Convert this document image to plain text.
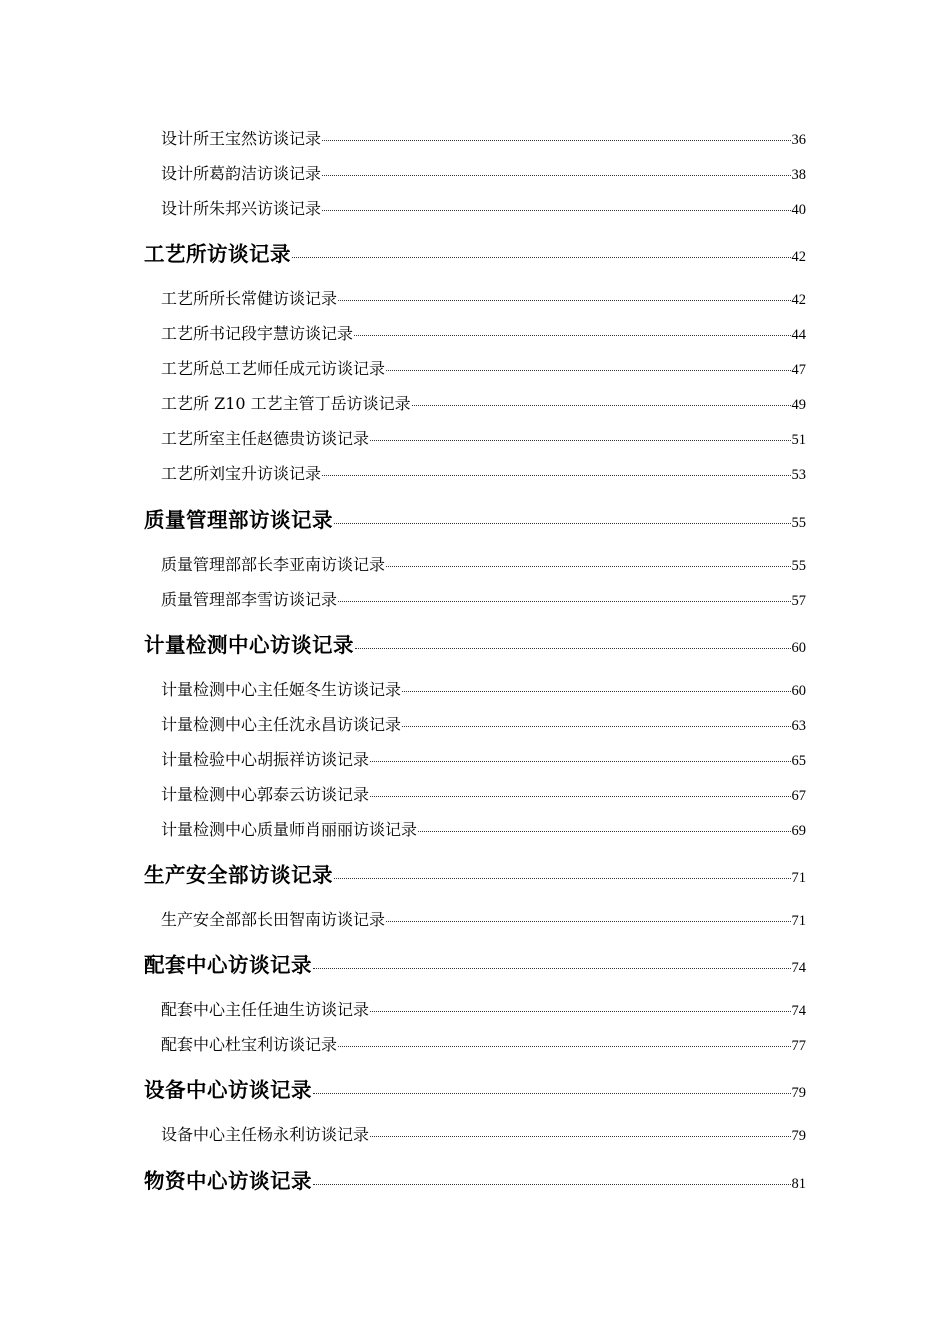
设计所王宝然访谈记录	36
设计所葛韵洁访谈记录	38
设计所朱邦兴访谈记录	40
工艺所访谈记录	42
工艺所所长常健访谈记录	42
工艺所书记段宇慧访谈记录	44
工艺所总工艺师任成元访谈记录	47
工艺所 Z10 工艺主管丁岳访谈记录	49
工艺所室主任赵德贵访谈记录	51
工艺所刘宝升访谈记录	53
质量管理部访谈记录	55
质量管理部部长李亚南访谈记录	55
质量管理部李雪访谈记录	57
计量检测中心访谈记录	60
计量检测中心主任姬冬生访谈记录	60
计量检测中心主任沈永昌访谈记录	63
计量检验中心胡振祥访谈记录	65
计量检测中心郭泰云访谈记录	67
计量检测中心质量师肖丽丽访谈记录	69
生产安全部访谈记录	71
生产安全部部长田智南访谈记录	71
配套中心访谈记录	74
配套中心主任任迪生访谈记录	74
配套中心杜宝利访谈记录	77
设备中心访谈记录	79
设备中心主任杨永利访谈记录	79
物资中心访谈记录	81
